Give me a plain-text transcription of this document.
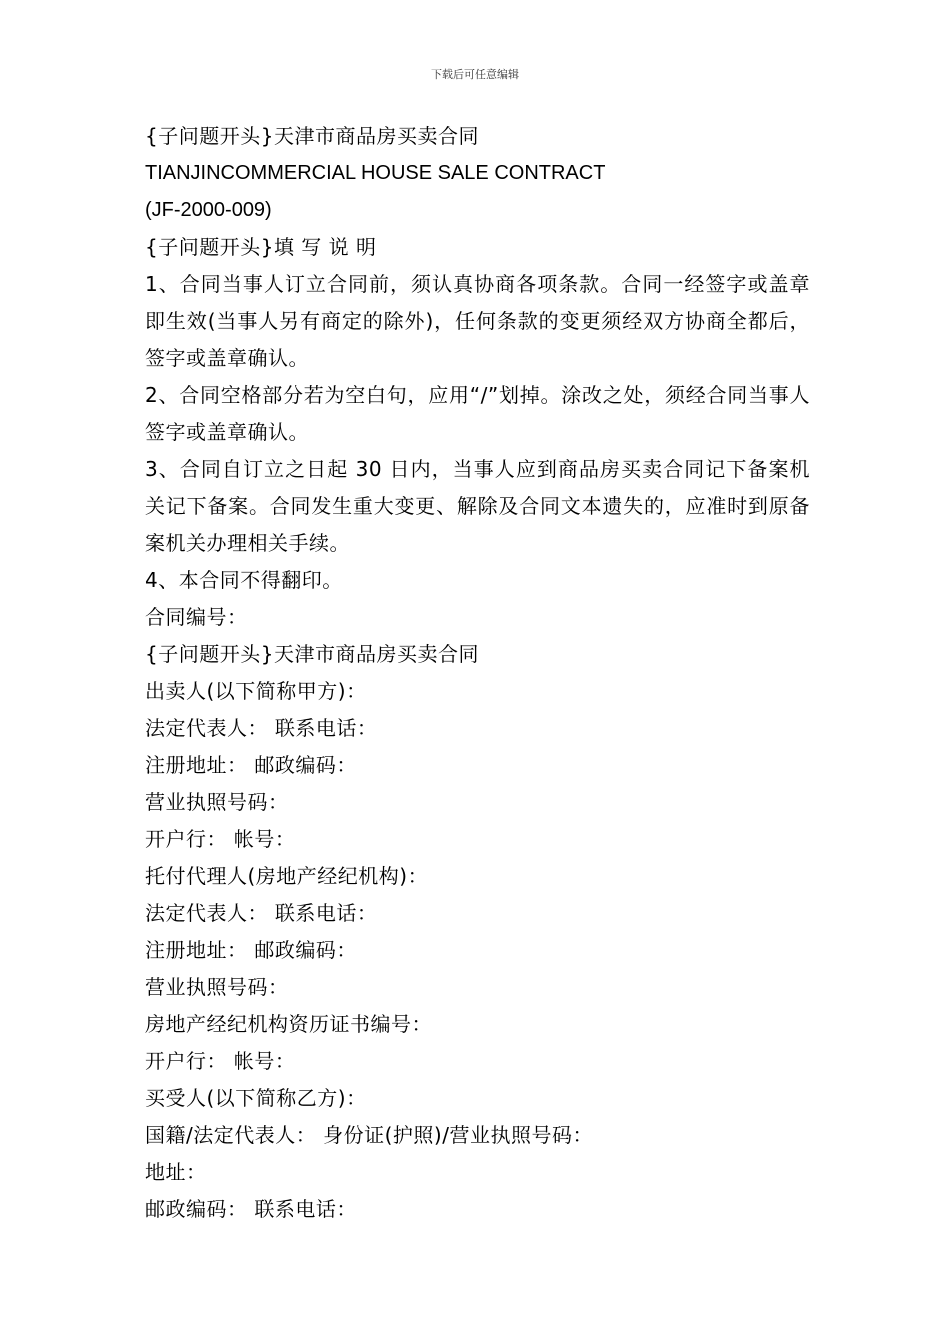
下载后可任意编辑
{子问题开头}天津市商品房买卖合同
TIANJINCOMMERCIAL HOUSE SALE CONTRACT
(JF-2000-009)
{子问题开头}填 写 说 明
1、合同当事人订立合同前，须认真协商各项条款。合同一经签字或盖章即生效(当事人另有商定的除外)，任何条款的变更须经双方协商全都后，签字或盖章确认。
2、合同空格部分若为空白句，应用“/”划掉。涂改之处，须经合同当事人签字或盖章确认。
3、合同自订立之日起 30 日内，当事人应到商品房买卖合同记下备案机关记下备案。合同发生重大变更、解除及合同文本遗失的，应准时到原备案机关办理相关手续。
4、本合同不得翻印。
合同编号：
{子问题开头}天津市商品房买卖合同
出卖人(以下简称甲方)：
法定代表人： 联系电话：
注册地址： 邮政编码：
营业执照号码：
开户行： 帐号：
托付代理人(房地产经纪机构)：
法定代表人： 联系电话：
注册地址： 邮政编码：
营业执照号码：
房地产经纪机构资历证书编号：
开户行： 帐号：
买受人(以下简称乙方)：
国籍/法定代表人： 身份证(护照)/营业执照号码：
地址：
邮政编码： 联系电话：
